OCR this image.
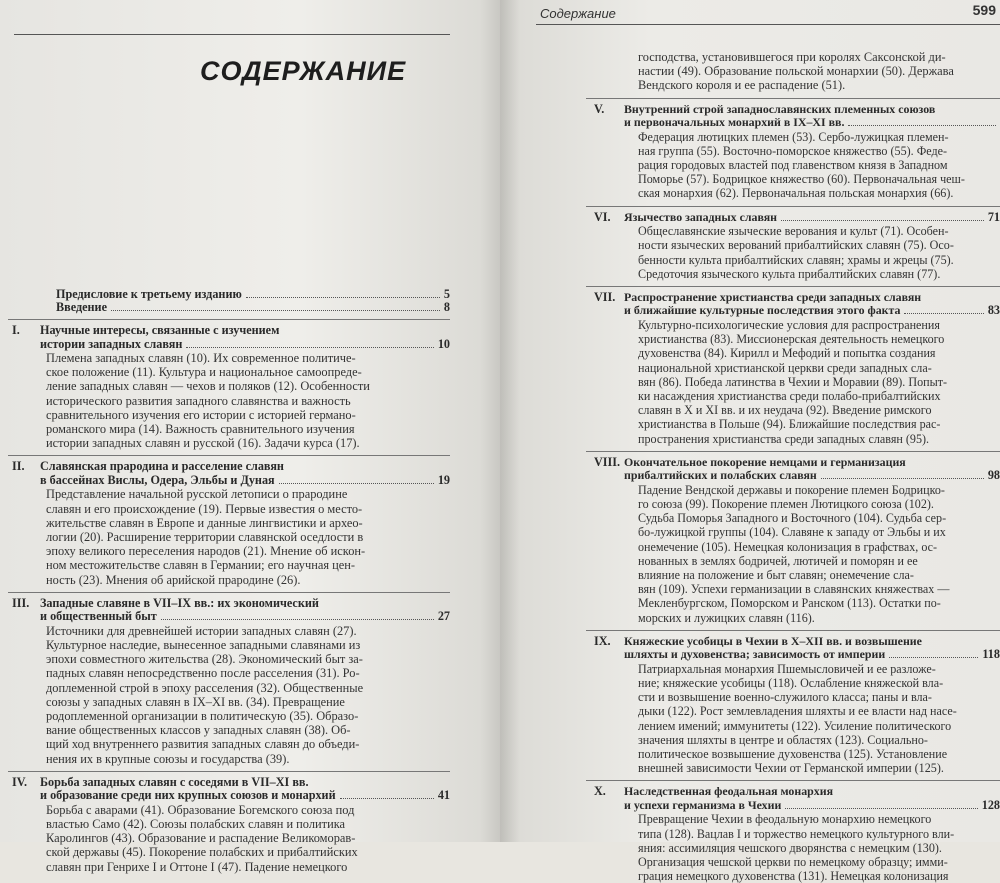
СОДЕРЖАНИЕ
Содержание	599
Предисловие к третьему изданию	5
Введение	8
I.	Научные интересы, связанные с изучением
истории западных славян	10
Племена западных славян (10). Их современное политиче-
ское положение (11). Культура и национальное самоопреде-
ление западных славян — чехов и поляков (12). Особенности
исторического развития западного славянства и важность
сравнительного изучения его истории с историей германо-
романского мира (14). Важность сравнительного изучения
истории западных славян и русской (16). Задачи курса (17).
II.	Славянская прародина и расселение славян
в бассейнах Вислы, Одера, Эльбы и Дуная	19
Представление начальной русской летописи о прародине
славян и его происхождение (19). Первые известия о место-
жительстве славян в Европе и данные лингвистики и архео-
логии (20). Расширение территории славянской оседлости в
эпоху великого переселения народов (21). Мнение об искон-
ном местожительстве славян в Германии; его научная цен-
ность (23). Мнения об арийской прародине (26).
III. Западные славяне в VII–IX вв.: их экономический
и общественный быт	27
Источники для древнейшей истории западных славян (27).
Культурное наследие, вынесенное западными славянами из
эпохи совместного жительства (28). Экономический быт за-
падных славян непосредственно после расселения (31). Ро-
доплеменной строй в эпоху расселения (32). Общественные
союзы у западных славян в IX–XI вв. (34). Превращение
родоплеменной организации в политическую (35). Образо-
вание общественных классов у западных славян (38). Об-
щий ход внутреннего развития западных славян до объеди-
нения их в крупные союзы и государства (39).
IV.	Борьба западных славян с соседями в VII–XI вв.
и образование среди них крупных союзов и монархий	41
Борьба с аварами (41). Образование Богемского союза под
властью Само (42). Союзы полабских славян и политика
Каролингов (43). Образование и распадение Великоморав-
ской державы (45). Покорение полабских и прибалтийских
славян при Генрихе I и Оттоне I (47). Падение немецкого
господства, установившегося при королях Саксонской ди-
настии (49). Образование польской монархии (50). Держава
Вендского короля и ее распадение (51).
V.	Внутренний строй западнославянских племенных союзов
и первоначальных монархий в IX–XI вв.
Федерация лютицких племен (53). Сербо-лужицкая племен-
ная группа (55). Восточно-поморское княжество (55). Феде-
рация городовых властей под главенством князя в Западном
Поморье (57). Бодрицкое княжество (60). Первоначальная чеш-
ская монархия (62). Первоначальная польская монархия (66).
VI.	Язычество западных славян	71
Общеславянские языческие верования и культ (71). Особен-
ности языческих верований прибалтийских славян (75). Осо-
бенности культа прибалтийских славян; храмы и жрецы (75).
Средоточия языческого культа прибалтийских славян (77).
VII. Распространение христианства среди западных славян
и ближайшие культурные последствия этого факта	83
Культурно-психологические условия для распространения
христианства (83). Миссионерская деятельность немецкого
духовенства (84). Кирилл и Мефодий и попытка создания
национальной христианской церкви среди западных сла-
вян (86). Победа латинства в Чехии и Моравии (89). Попыт-
ки насаждения христианства среди полабо-прибалтийских
славян в X и XI вв. и их неудача (92). Введение римского
христианства в Польше (94). Ближайшие последствия рас-
пространения христианства среди западных славян (95).
VIII. Окончательное покорение немцами и германизация
прибалтийских и полабских славян	98
Падение Вендской державы и покорение племен Бодрицко-
го союза (99). Покорение племен Лютицкого союза (102).
Судьба Поморья Западного и Восточного (104). Судьба сер-
бо-лужицкой группы (104). Славяне к западу от Эльбы и их
онемечение (105). Немецкая колонизация в графствах, ос-
нованных в землях бодричей, лютичей и поморян и ее
влияние на положение и быт славян; онемечение сла-
вян (109). Успехи германизации в славянских княжествах —
Мекленбургском, Поморском и Ранском (113). Остатки по-
морских и лужицких славян (116).
IX.	Княжеские усобицы в Чехии в X–XII вв. и возвышение
шляхты и духовенства; зависимость от империи	118
Патриархальная монархия Пшемысловичей и ее разложе-
ние; княжеские усобицы (118). Ослабление княжеской вла-
сти и возвышение военно-служилого класса; паны и вла-
дыки (122). Рост землевладения шляхты и ее власти над насе-
лением имений; иммунитеты (122). Усиление политического
значения шляхты в центре и областях (123). Социально-
политическое возвышение духовенства (125). Установление
внешней зависимости Чехии от Германской империи (125).
X.	Наследственная феодальная монархия
и успехи германизма в Чехии	128
Превращение Чехии в феодальную монархию немецкого
типа (128). Вацлав I и торжество немецкого культурного вли-
яния: ассимиляция чешского дворянства с немецким (130).
Организация чешской церкви по немецкому образцу; имми-
грация немецкого духовенства (131). Немецкая колонизация
